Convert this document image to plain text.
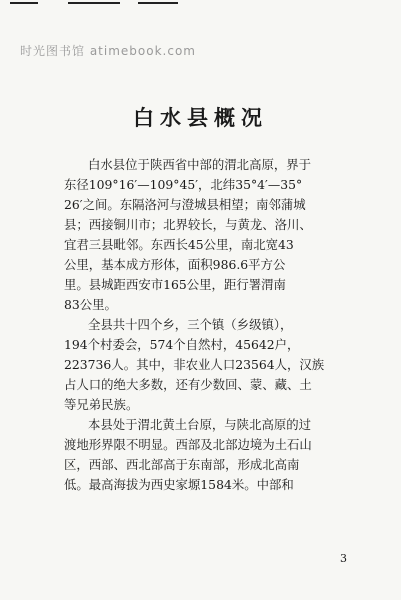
时光图书馆 atimebook.com
白水县概况
白水县位于陕西省中部的渭北高原，界于
东径109°16′—109°45′，北纬35°4′—35°
26′之间。东隔洛河与澄城县相望；南邻蒲城
县；西接铜川市；北界较长，与黄龙、洛川、
宜君三县毗邻。东西长45公里，南北宽43
公里，基本成方形体，面积986.6平方公
里。县城距西安市165公里，距行署渭南
83公里。
全县共十四个乡，三个镇（乡级镇），
194个村委会，574个自然村，45642户，
223736人。其中，非农业人口23564人，汉族
占人口的绝大多数，还有少数回、蒙、藏、土
等兄弟民族。
本县处于渭北黄土台原，与陕北高原的过
渡地形界限不明显。西部及北部边境为土石山
区，西部、西北部高于东南部，形成北高南
低。最高海拔为西史家塬1584米。中部和
3
